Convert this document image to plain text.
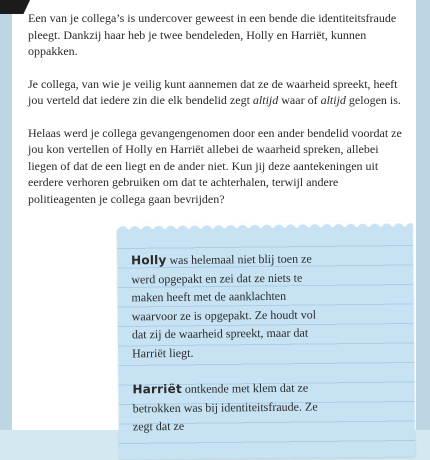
Een van je collega’s is undercover geweest in een bende die identiteitsfraude pleegt. Dankzij haar heb je twee bendeleden, Holly en Harriët, kunnen oppakken.

Je collega, van wie je veilig kunt aannemen dat ze de waarheid spreekt, heeft jou verteld dat iedere zin die elk bendelid zegt altijd waar of altijd gelogen is.

Helaas werd je collega gevangengenomen door een ander bendelid voordat ze jou kon vertellen of Holly en Harriët allebei de waarheid spreken, allebei liegen of dat de een liegt en de ander niet. Kun jij deze aantekeningen uit eerdere verhoren gebruiken om dat te achterhalen, terwijl andere politieagenten je collega gaan bevrijden?

Holly was helemaal niet blij toen ze werd opgepakt en zei dat ze niets te maken heeft met de aanklachten waarvoor ze is opgepakt. Ze houdt vol dat zij de waarheid spreekt, maar dat Harriët liegt.

Harriët ontkende met klem dat ze betrokken was bij identiteitsfraude. Ze zegt dat ze
